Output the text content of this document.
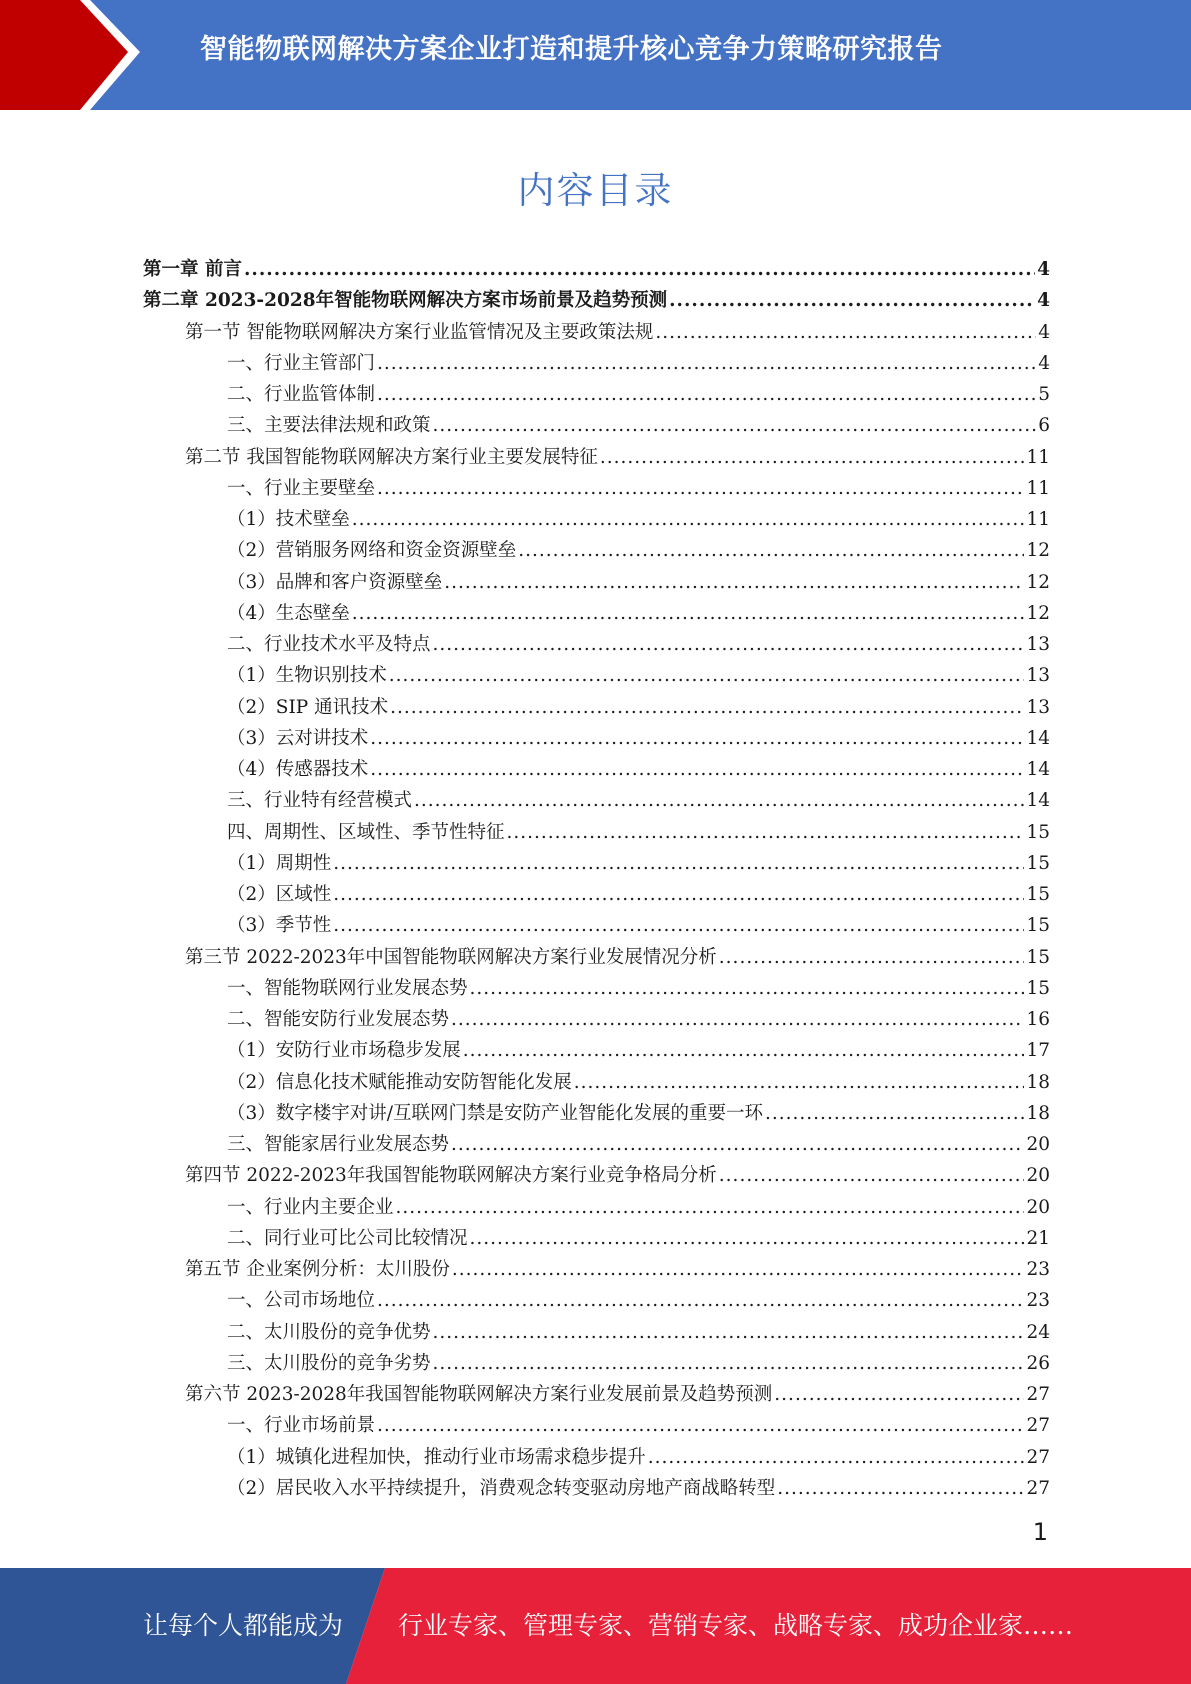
智能物联网解决方案企业打造和提升核心竞争力策略研究报告
内容目录
第一章 前言 .....	4
第二章 2023-2028年智能物联网解决方案市场前景及趋势预测 .....	4
第一节 智能物联网解决方案行业监管情况及主要政策法规 .....	4
一、行业主管部门 .....	4
二、行业监管体制 .....	5
三、主要法律法规和政策 .....	6
第二节 我国智能物联网解决方案行业主要发展特征 .....	11
一、行业主要壁垒 .....	11
（1）技术壁垒 .....	11
（2）营销服务网络和资金资源壁垒 .....	12
（3）品牌和客户资源壁垒 .....	12
（4）生态壁垒 .....	12
二、行业技术水平及特点 .....	13
（1）生物识别技术 .....	13
（2）SIP 通讯技术 .....	13
（3）云对讲技术 .....	14
（4）传感器技术 .....	14
三、行业特有经营模式 .....	14
四、周期性、区域性、季节性特征 .....	15
（1）周期性 .....	15
（2）区域性 .....	15
（3）季节性 .....	15
第三节 2022-2023年中国智能物联网解决方案行业发展情况分析 .....	15
一、智能物联网行业发展态势 .....	15
二、智能安防行业发展态势 .....	16
（1）安防行业市场稳步发展 .....	17
（2）信息化技术赋能推动安防智能化发展 .....	18
（3）数字楼宇对讲/互联网门禁是安防产业智能化发展的重要一环 .....	18
三、智能家居行业发展态势 .....	20
第四节 2022-2023年我国智能物联网解决方案行业竞争格局分析 .....	20
一、行业内主要企业 .....	20
二、同行业可比公司比较情况 .....	21
第五节 企业案例分析：太川股份 .....	23
一、公司市场地位 .....	23
二、太川股份的竞争优势 .....	24
三、太川股份的竞争劣势 .....	26
第六节 2023-2028年我国智能物联网解决方案行业发展前景及趋势预测 .....	27
一、行业市场前景 .....	27
（1）城镇化进程加快，推动行业市场需求稳步提升 .....	27
（2）居民收入水平持续提升，消费观念转变驱动房地产商战略转型 .....	27
1
让每个人都能成为 行业专家、管理专家、营销专家、战略专家、成功企业家……
